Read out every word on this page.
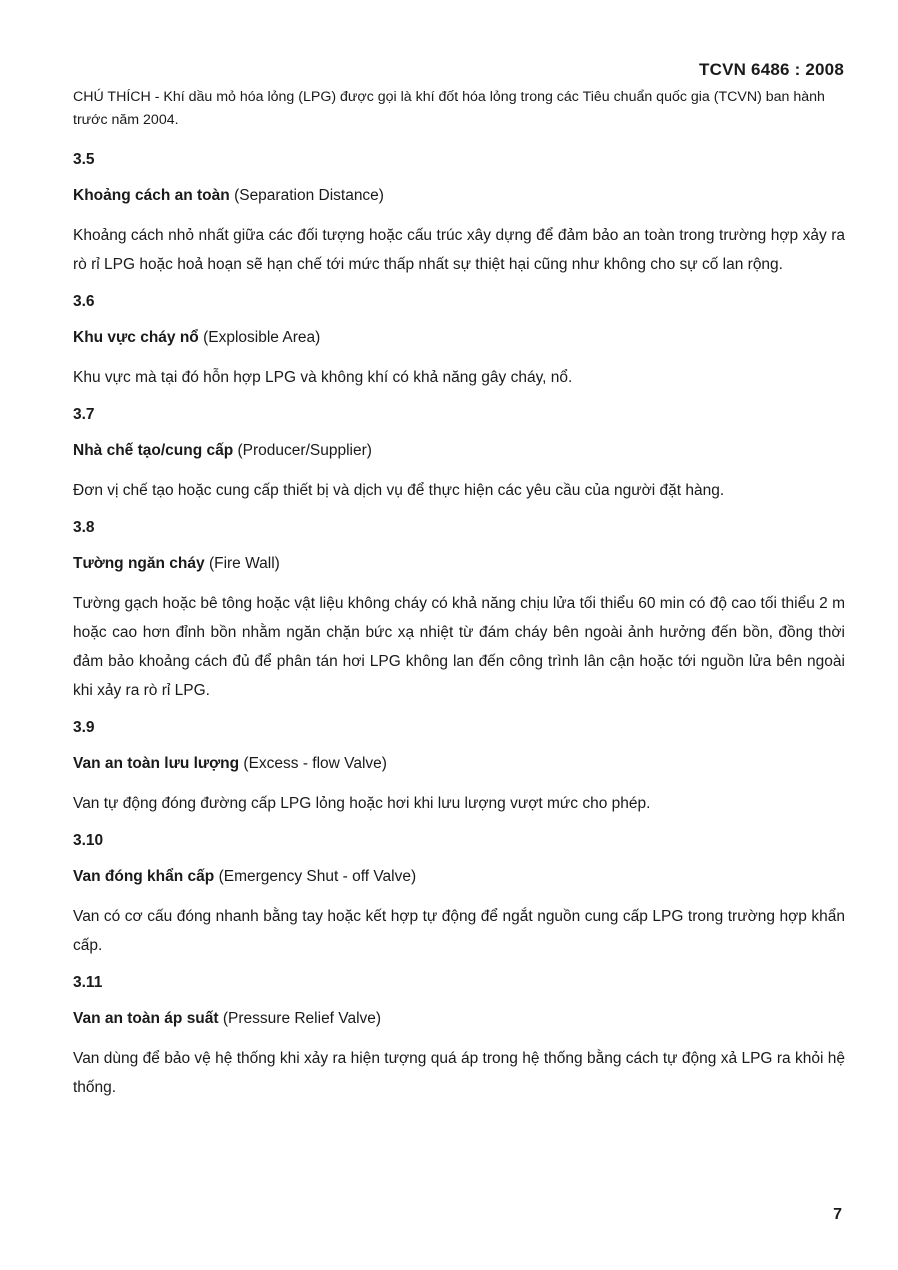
TCVN 6486 : 2008

CHÚ THÍCH - Khí dầu mỏ hóa lỏng (LPG) được gọi là khí đốt hóa lỏng trong các Tiêu chuẩn quốc gia (TCVN) ban hành trước năm 2004.

3.5
Khoảng cách an toàn (Separation Distance)

Khoảng cách nhỏ nhất giữa các đối tượng hoặc cấu trúc xây dựng để đảm bảo an toàn trong trường hợp xảy ra rò rỉ LPG hoặc hoả hoạn sẽ hạn chế tới mức thấp nhất sự thiệt hại cũng như không cho sự cố lan rộng.

3.6
Khu vực cháy nổ (Explosible Area)

Khu vực mà tại đó hỗn hợp LPG và không khí có khả năng gây cháy, nổ.

3.7
Nhà chế tạo/cung cấp (Producer/Supplier)

Đơn vị chế tạo hoặc cung cấp thiết bị và dịch vụ để thực hiện các yêu cầu của người đặt hàng.

3.8
Tường ngăn cháy (Fire Wall)

Tường gạch hoặc bê tông hoặc vật liệu không cháy có khả năng chịu lửa tối thiểu 60 min có độ cao tối thiểu 2 m hoặc cao hơn đỉnh bồn nhằm ngăn chặn bức xạ nhiệt từ đám cháy bên ngoài ảnh hưởng đến bồn, đồng thời đảm bảo khoảng cách đủ để phân tán hơi LPG không lan đến công trình lân cận hoặc tới nguồn lửa bên ngoài khi xảy ra rò rỉ LPG.

3.9
Van an toàn lưu lượng (Excess - flow Valve)

Van tự động đóng đường cấp LPG lỏng hoặc hơi khi lưu lượng vượt mức cho phép.

3.10
Van đóng khẩn cấp (Emergency Shut - off Valve)

Van có cơ cấu đóng nhanh bằng tay hoặc kết hợp tự động để ngắt nguồn cung cấp LPG trong trường hợp khẩn cấp.

3.11
Van an toàn áp suất (Pressure Relief Valve)

Van dùng để bảo vệ hệ thống khi xảy ra hiện tượng quá áp trong hệ thống bằng cách tự động xả LPG ra khỏi hệ thống.

7
